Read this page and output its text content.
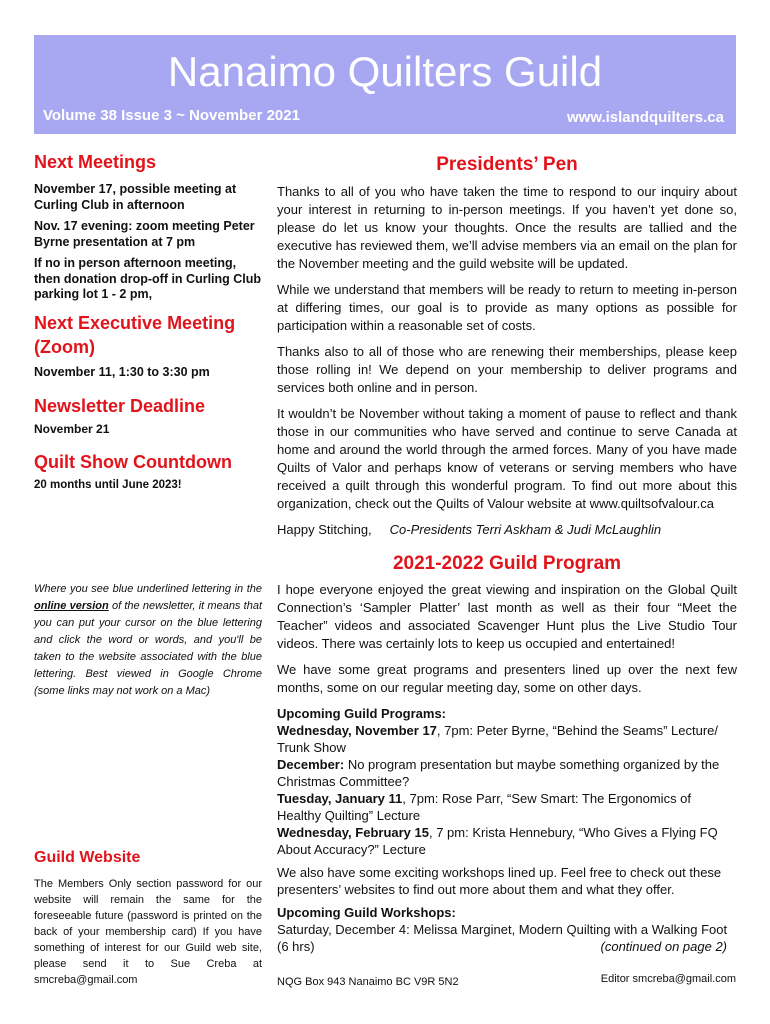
Nanaimo Quilters Guild
Volume 38 Issue 3 ~ November 2021	www.islandquilters.ca

Next Meetings

November 17, possible meeting at Curling Club in afternoon

Nov. 17 evening: zoom meeting Peter Byrne presentation at 7 pm

If no in person afternoon meeting, then donation drop-off in Curling Club parking lot 1 - 2 pm,

Next Executive Meeting (Zoom)

November 11, 1:30 to 3:30 pm

Newsletter Deadline

November 21

Quilt Show Countdown

20 months until June 2023!

Where you see blue underlined lettering in the online version of the newsletter, it means that you can put your cursor on the blue lettering and click the word or words, and you'll be taken to the website associated with the blue lettering. Best viewed in Google Chrome (some links may not work on a Mac)

Guild Website

The Members Only section password for our website will remain the same for the foreseeable future (password is printed on the back of your membership card) If you have something of interest for our Guild web site, please send it to Sue Creba at smcreba@gmail.com

Presidents’ Pen

Thanks to all of you who have taken the time to respond to our inquiry about your interest in returning to in-person meetings. If you haven’t yet done so, please do let us know your thoughts. Once the results are tallied and the executive has reviewed them, we’ll advise members via an email on the plan for the November meeting and the guild website will be updated.

While we understand that members will be ready to return to meeting in-person at differing times, our goal is to provide as many options as possible for participation within a reasonable set of costs.

Thanks also to all of those who are renewing their memberships, please keep those rolling in! We depend on your membership to deliver programs and services both online and in person.

It wouldn’t be November without taking a moment of pause to reflect and thank those in our communities who have served and continue to serve Canada at home and around the world through the armed forces. Many of you have made Quilts of Valor and perhaps know of veterans or serving members who have received a quilt through this wonderful program. To find out more about this organization, check out the Quilts of Valour website at www.quiltsofvalour.ca

Happy Stitching, Co-Presidents Terri Askham & Judi McLaughlin

2021-2022 Guild Program

I hope everyone enjoyed the great viewing and inspiration on the Global Quilt Connection’s ‘Sampler Platter’ last month as well as their four “Meet the Teacher” videos and associated Scavenger Hunt plus the Live Studio Tour videos. There was certainly lots to keep us occupied and entertained!

We have some great programs and presenters lined up over the next few months, some on our regular meeting day, some on other days.

Upcoming Guild Programs:

Wednesday, November 17, 7pm: Peter Byrne, “Behind the Seams” Lecture/ Trunk Show

December: No program presentation but maybe something organized by the Christmas Committee?

Tuesday, January 11, 7pm: Rose Parr, “Sew Smart: The Ergonomics of Healthy Quilting” Lecture

Wednesday, February 15, 7 pm: Krista Hennebury, “Who Gives a Flying FQ About Accuracy?” Lecture

We also have some exciting workshops lined up. Feel free to check out these presenters’ websites to find out more about them and what they offer.

Upcoming Guild Workshops:

Saturday, December 4: Melissa Marginet, Modern Quilting with a Walking Foot (6 hrs)	(continued on page 2)

NQG Box 943 Nanaimo BC V9R 5N2	Editor smcreba@gmail.com
